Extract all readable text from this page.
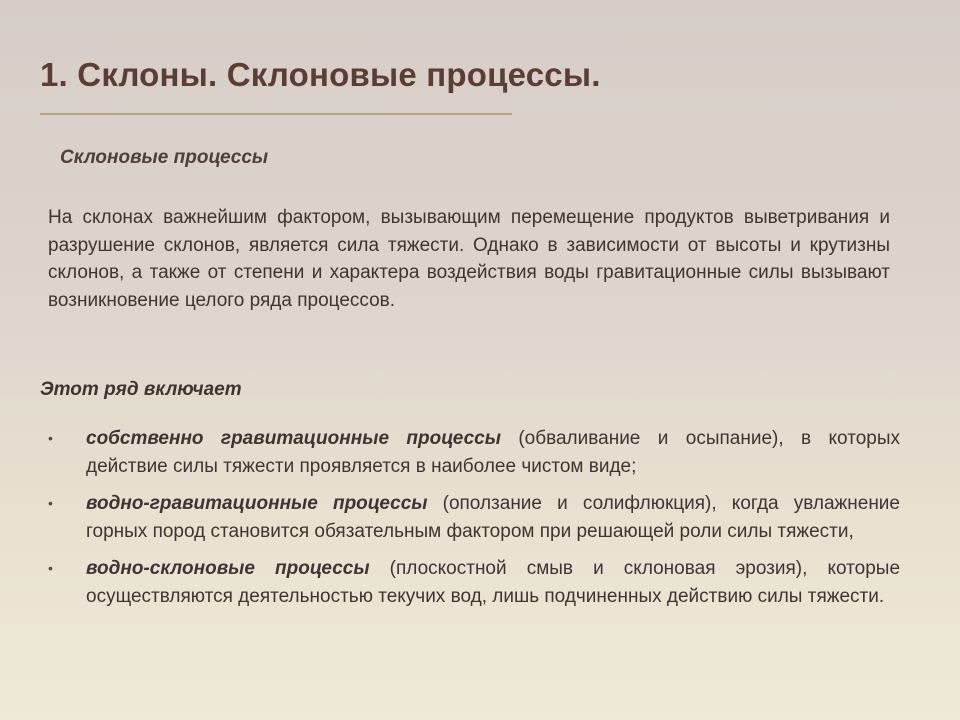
1. Склоны. Склоновые процессы.
Склоновые процессы

На склонах важнейшим фактором, вызывающим перемещение продуктов выветривания и разрушение склонов, является сила тяжести. Однако в зависимости от высоты и крутизны склонов, а также от степени и характера воздействия воды гравитационные силы вызывают возникновение целого ряда процессов.

Этот ряд включает
•	собственно гравитационные процессы (обваливание и осыпание), в которых действие силы тяжести проявляется в наиболее чистом виде;
•	водно-гравитационные процессы (оползание и солифлюкция), когда увлажнение горных пород становится обязательным фактором при решающей роли силы тяжести,
•	водно-склоновые процессы (плоскостной смыв и склоновая эрозия), которые осуществляются деятельностью текучих вод, лишь подчиненных действию силы тяжести.
